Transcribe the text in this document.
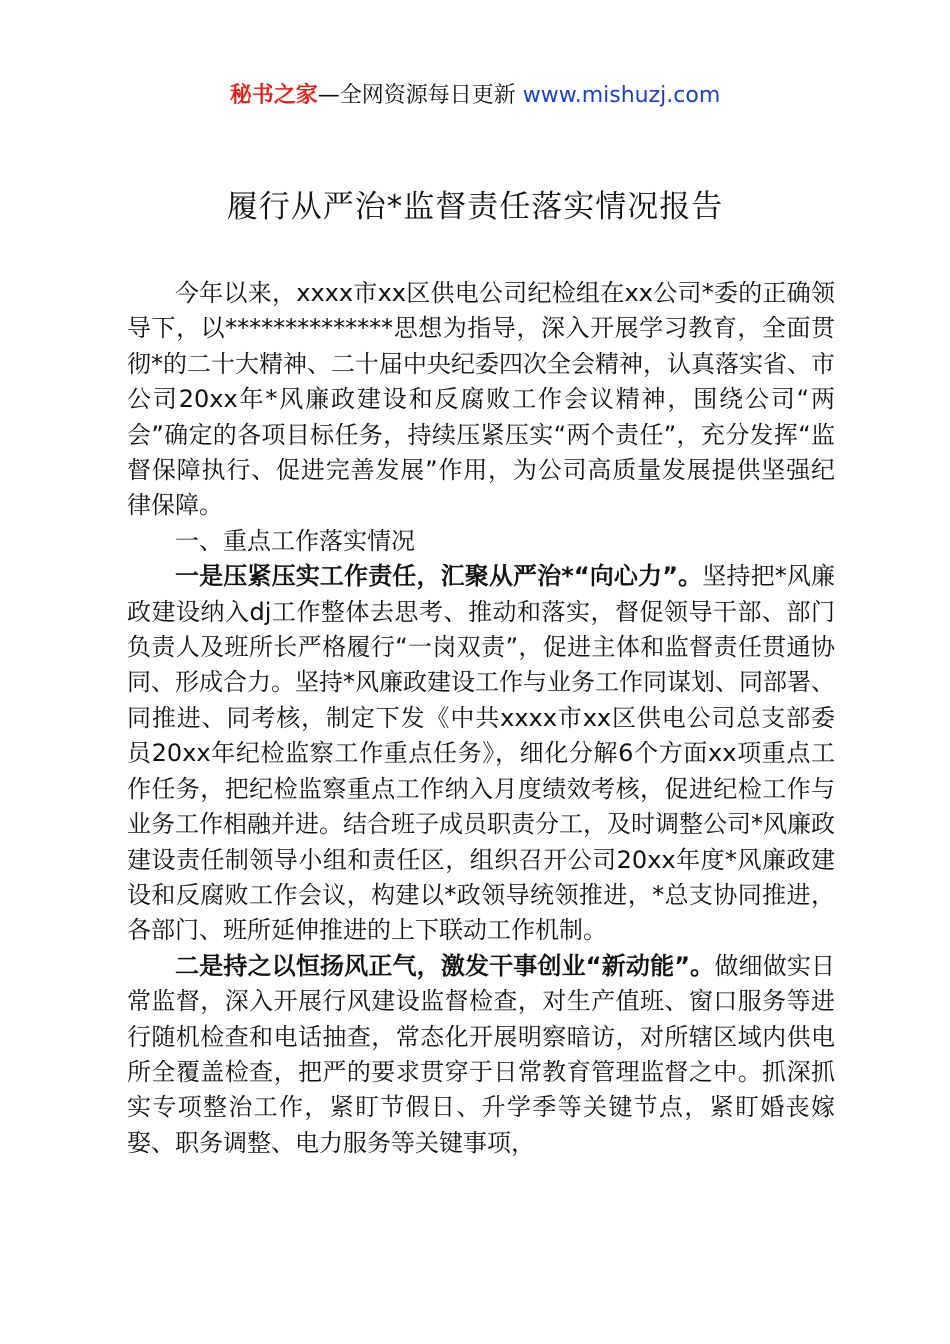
秘书之家—全网资源每日更新 www.mishuzj.com
履行从严治*监督责任落实情况报告

今年以来，xxxx市xx区供电公司纪检组在xx公司*委的正确领导下，以**************思想为指导，深入开展学习教育，全面贯彻*的二十大精神、二十届中央纪委四次全会精神，认真落实省、市公司20xx年*风廉政建设和反腐败工作会议精神，围绕公司“两会”确定的各项目标任务，持续压紧压实“两个责任”，充分发挥“监督保障执行、促进完善发展”作用，为公司高质量发展提供坚强纪律保障。

一、重点工作落实情况

一是压紧压实工作责任，汇聚从严治*“向心力”。坚持把*风廉政建设纳入dj工作整体去思考、推动和落实，督促领导干部、部门负责人及班所长严格履行“一岗双责”，促进主体和监督责任贯通协同、形成合力。坚持*风廉政建设工作与业务工作同谋划、同部署、同推进、同考核，制定下发《中共xxxx市xx区供电公司总支部委员20xx年纪检监察工作重点任务》，细化分解6个方面xx项重点工作任务，把纪检监察重点工作纳入月度绩效考核，促进纪检工作与业务工作相融并进。结合班子成员职责分工，及时调整公司*风廉政建设责任制领导小组和责任区，组织召开公司20xx年度*风廉政建设和反腐败工作会议，构建以*政领导统领推进，*总支协同推进，各部门、班所延伸推进的上下联动工作机制。

二是持之以恒扬风正气，激发干事创业“新动能”。做细做实日常监督，深入开展行风建设监督检查，对生产值班、窗口服务等进行随机检查和电话抽查，常态化开展明察暗访，对所辖区域内供电所全覆盖检查，把严的要求贯穿于日常教育管理监督之中。抓深抓实专项整治工作，紧盯节假日、升学季等关键节点，紧盯婚丧嫁娶、职务调整、电力服务等关键事项，
